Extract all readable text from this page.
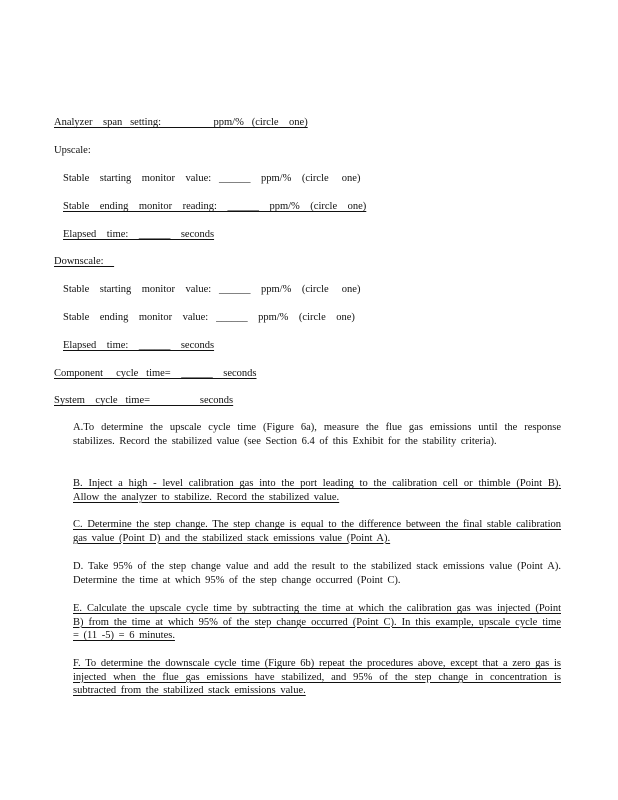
Analyzer    span   setting:                    ppm/%   (circle    one)
Upscale:
Stable    starting    monitor    value:   ______    ppm/%    (circle     one)
Stable    ending    monitor    reading:    ______    ppm/%    (circle    one)
Elapsed    time:    ______    seconds
Downscale:
Stable    starting    monitor    value:   ______    ppm/%    (circle     one)
Stable    ending    monitor    value:   ______    ppm/%    (circle    one)
Elapsed    time:    ______    seconds
Component     cycle   time=    ______    seconds
System    cycle   time=                   seconds
A.To determine the upscale cycle time (Figure 6a), measure the flue gas emissions until the response stabilizes. Record the stabilized value (see Section 6.4 of this Exhibit for the stability criteria).
B. Inject a high - level calibration gas into the port leading to the calibration cell or thimble (Point B). Allow the analyzer to stabilize. Record the stabilized value.
C. Determine the step change. The step change is equal to the difference between the final stable calibration gas value (Point D) and the stabilized stack emissions value (Point A).
D. Take 95% of the step change value and add the result to the stabilized stack emissions value (Point A). Determine the time at which 95% of the step change occurred (Point C).
E. Calculate the upscale cycle time by subtracting the time at which the calibration gas was injected (Point B) from the time at which 95% of the step change occurred (Point C). In this example, upscale cycle time = (11 -5) = 6 minutes.
F. To determine the downscale cycle time (Figure 6b) repeat the procedures above, except that a zero gas is injected when the flue gas emissions have stabilized, and 95% of the step change in concentration is subtracted from the stabilized stack emissions value.
